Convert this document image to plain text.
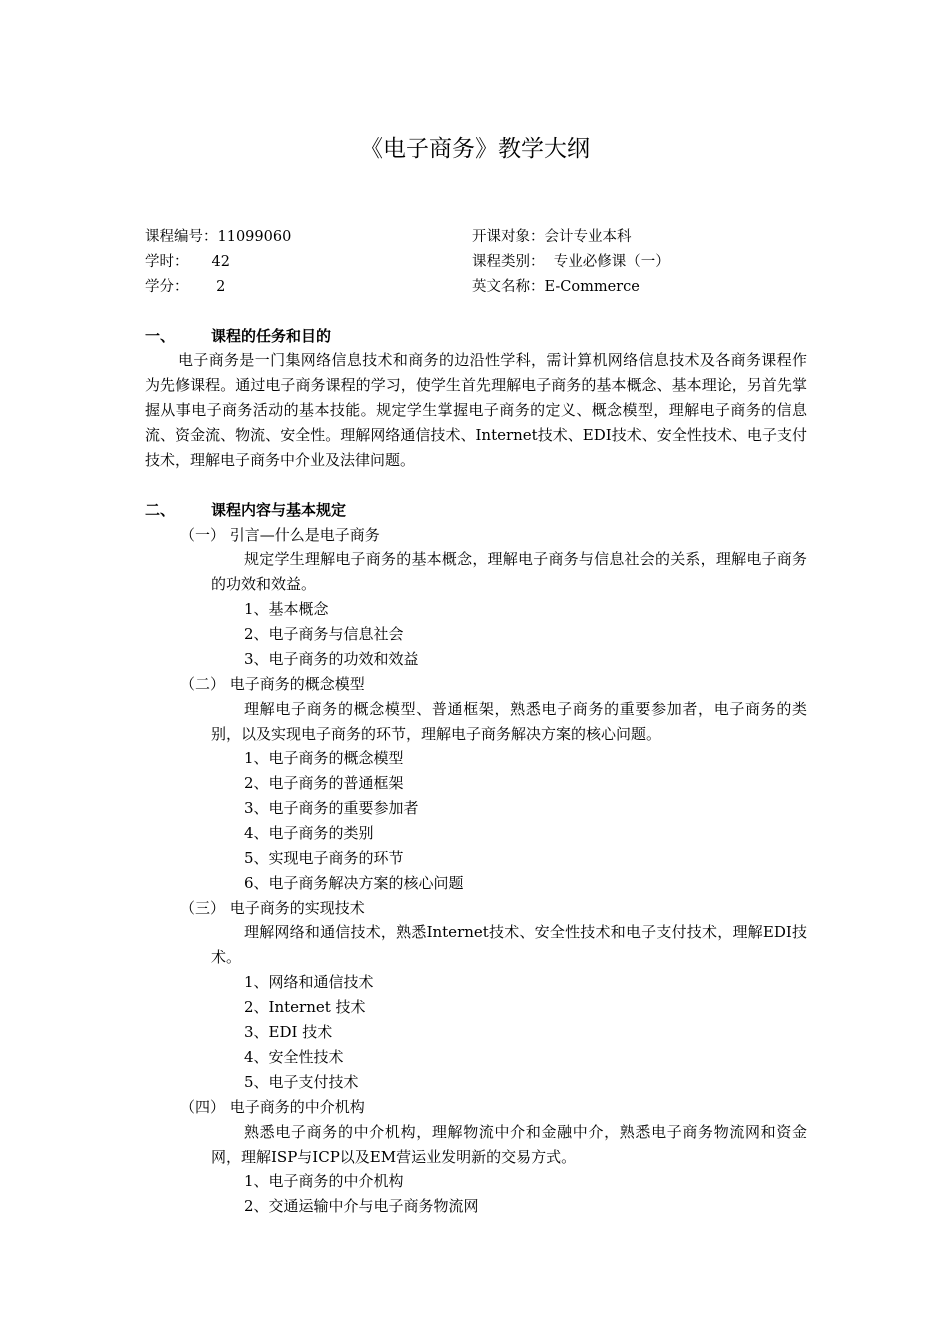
《电子商务》教学大纲
课程编号：11099060	开课对象：会计专业本科
学时：     42	课程类别：  专业必修课（一）
学分：      2	英文名称：E-Commerce
一、 课程的任务和目的
电子商务是一门集网络信息技术和商务的边沿性学科，需计算机网络信息技术及各商务课程作为先修课程。通过电子商务课程的学习，使学生首先理解电子商务的基本概念、基本理论，另首先掌握从事电子商务活动的基本技能。规定学生掌握电子商务的定义、概念模型，理解电子商务的信息流、资金流、物流、安全性。理解网络通信技术、Internet技术、EDI技术、安全性技术、电子支付技术，理解电子商务中介业及法律问题。
二、 课程内容与基本规定
（一） 引言—什么是电子商务
规定学生理解电子商务的基本概念，理解电子商务与信息社会的关系，理解电子商务的功效和效益。
1、基本概念
2、电子商务与信息社会
3、电子商务的功效和效益
（二） 电子商务的概念模型
理解电子商务的概念模型、普通框架，熟悉电子商务的重要参加者，电子商务的类别，以及实现电子商务的环节，理解电子商务解决方案的核心问题。
1、电子商务的概念模型
2、电子商务的普通框架
3、电子商务的重要参加者
4、电子商务的类别
5、实现电子商务的环节
6、电子商务解决方案的核心问题
（三） 电子商务的实现技术
理解网络和通信技术，熟悉Internet技术、安全性技术和电子支付技术，理解EDI技术。
1、网络和通信技术
2、Internet 技术
3、EDI 技术
4、安全性技术
5、电子支付技术
（四） 电子商务的中介机构
熟悉电子商务的中介机构，理解物流中介和金融中介，熟悉电子商务物流网和资金网，理解ISP与ICP以及EM营运业发明新的交易方式。
1、电子商务的中介机构
2、交通运输中介与电子商务物流网
